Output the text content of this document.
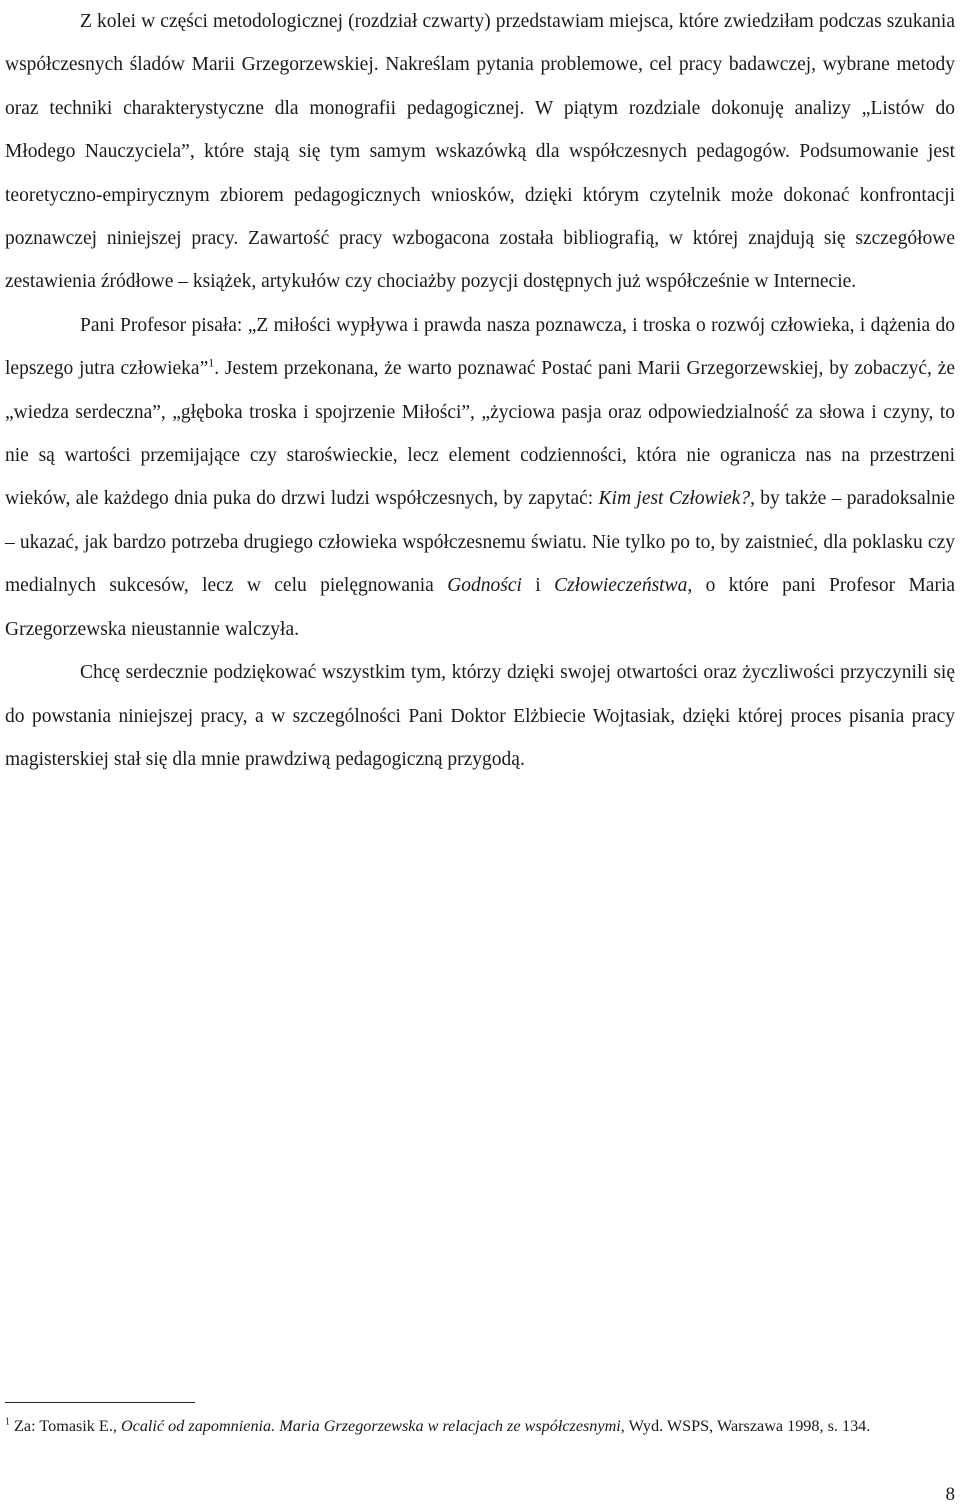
Z kolei w części metodologicznej (rozdział czwarty) przedstawiam miejsca, które zwiedziłam podczas szukania współczesnych śladów Marii Grzegorzewskiej. Nakreślam pytania problemowe, cel pracy badawczej, wybrane metody oraz techniki charakterystyczne dla monografii pedagogicznej. W piątym rozdziale dokonuję analizy „Listów do Młodego Nauczyciela”, które stają się tym samym wskazówką dla współczesnych pedagogów. Podsumowanie jest teoretyczno-empirycznym zbiorem pedagogicznych wniosków, dzięki którym czytelnik może dokonać konfrontacji poznawczej niniejszej pracy. Zawartość pracy wzbogacona została bibliografią, w której znajdują się szczegółowe zestawienia źródłowe – książek, artykułów czy chociażby pozycji dostępnych już współcześnie w Internecie.

Pani Profesor pisała: „Z miłości wypływa i prawda nasza poznawcza, i troska o rozwój człowieka, i dążenia do lepszego jutra człowieka”$^1$. Jestem przekonana, że warto poznawać Postać pani Marii Grzegorzewskiej, by zobaczyć, że „wiedza serdeczna”, „głęboka troska i spojrzenie Miłości”, „życiowa pasja oraz odpowiedzialność za słowa i czyny, to nie są wartości przemijające czy staroświeckie, lecz element codzienności, która nie ogranicza nas na przestrzeni wieków, ale każdego dnia puka do drzwi ludzi współczesnych, by zapytać: Kim jest Człowiek?, by także – paradoksalnie – ukazać, jak bardzo potrzeba drugiego człowieka współczesnemu światu. Nie tylko po to, by zaistnieć, dla poklasku czy medialnych sukcesów, lecz w celu pielęgnowania Godności i Człowieczeństwa, o które pani Profesor Maria Grzegorzewska nieustannie walczyła.

Chcę serdecznie podziękować wszystkim tym, którzy dzięki swojej otwartości oraz życzliwości przyczynili się do powstania niniejszej pracy, a w szczególności Pani Doktor Elżbiecie Wojtasiak, dzięki której proces pisania pracy magisterskiej stał się dla mnie prawdziwą pedagogiczną przygodą.

$^1$ Za: Tomasik E., Ocalić od zapomnienia. Maria Grzegorzewska w relacjach ze współczesnymi, Wyd. WSPS, Warszawa 1998, s. 134.

8
